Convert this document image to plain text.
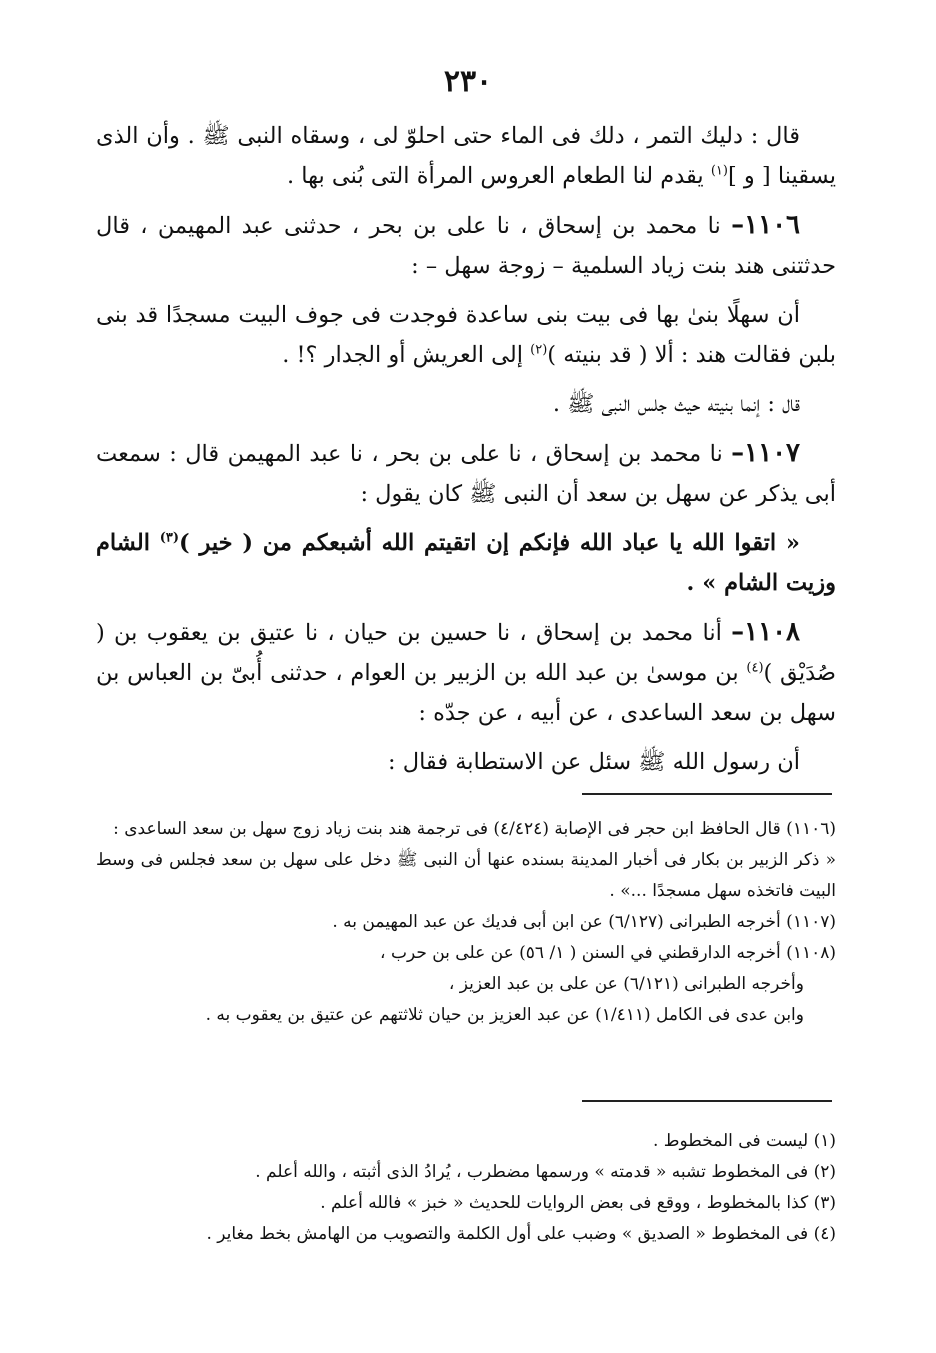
٢٣٠

قال : دليك التمر ، دلك فى الماء حتى احلوّ لى ، وسقاه النبى ﷺ . وأن الذى يسقينا [ و ]$^{(١)}$ يقدم لنا الطعام العروس المرأة التى بُنى بها .

١١٠٦– نا محمد بن إسحاق ، نا على بن بحر ، حدثنى عبد المهيمن ، قال حدثتنى هند بنت زياد السلمية – زوجة سهل – :

أن سهلًا بنىٰ بها فى بيت بنى ساعدة فوجدت فى جوف البيت مسجدًا قد بنى بلبن فقالت هند : ألا ( قد بنيته )$^{(٢)}$ إلى العريش أو الجدار ؟! .

قال : إنما بنيته حيث جلس النبى ﷺ .

١١٠٧– نا محمد بن إسحاق ، نا على بن بحر ، نا عبد المهيمن قال : سمعت أبى يذكر عن سهل بن سعد أن النبى ﷺ كان يقول :

« اتقوا الله يا عباد الله فإنكم إن اتقيتم الله أشبعكم من ( خير )$^{(٣)}$ الشام وزيت الشام » .

١١٠٨– أنا محمد بن إسحاق ، نا حسين بن حيان ، نا عتيق بن يعقوب بن ( صُدَيْق )$^{(٤)}$ بن موسىٰ بن عبد الله بن الزبير بن العوام ، حدثنى أُبىّ بن العباس بن سهل بن سعد الساعدى ، عن أبيه ، عن جدّه :

أن رسول الله ﷺ سئل عن الاستطابة فقال :

(١١٠٦) قال الحافظ ابن حجر فى الإصابة (٤/٤٢٤) فى ترجمة هند بنت زياد زوج سهل بن سعد الساعدى :

« ذكر الزبير بن بكار فى أخبار المدينة بسنده عنها أن النبى ﷺ دخل على سهل بن سعد فجلس فى وسط البيت فاتخذه سهل مسجدًا ...» .

(١١٠٧) أخرجه الطبرانى (٦/١٢٧) عن ابن أبى فديك عن عبد المهيمن به .

(١١٠٨) أخرجه الدارقطني في السنن ( ١/ ٥٦) عن على بن حرب ،

وأخرجه الطبرانى (٦/١٢١) عن على بن عبد العزيز ،

وابن عدى فى الكامل (١/٤١١) عن عبد العزيز بن حيان ثلاثتهم عن عتيق بن يعقوب به .

(١) ليست فى المخطوط .

(٢) فى المخطوط تشبه « قدمته » ورسمها مضطرب ، يُرادُ الذى أثبته ، والله أعلم .

(٣) كذا بالمخطوط ، ووقع فى بعض الروايات للحديث « خبز » فالله أعلم .

(٤) فى المخطوط « الصديق » وضبب على أول الكلمة والتصويب من الهامش بخط مغاير .
